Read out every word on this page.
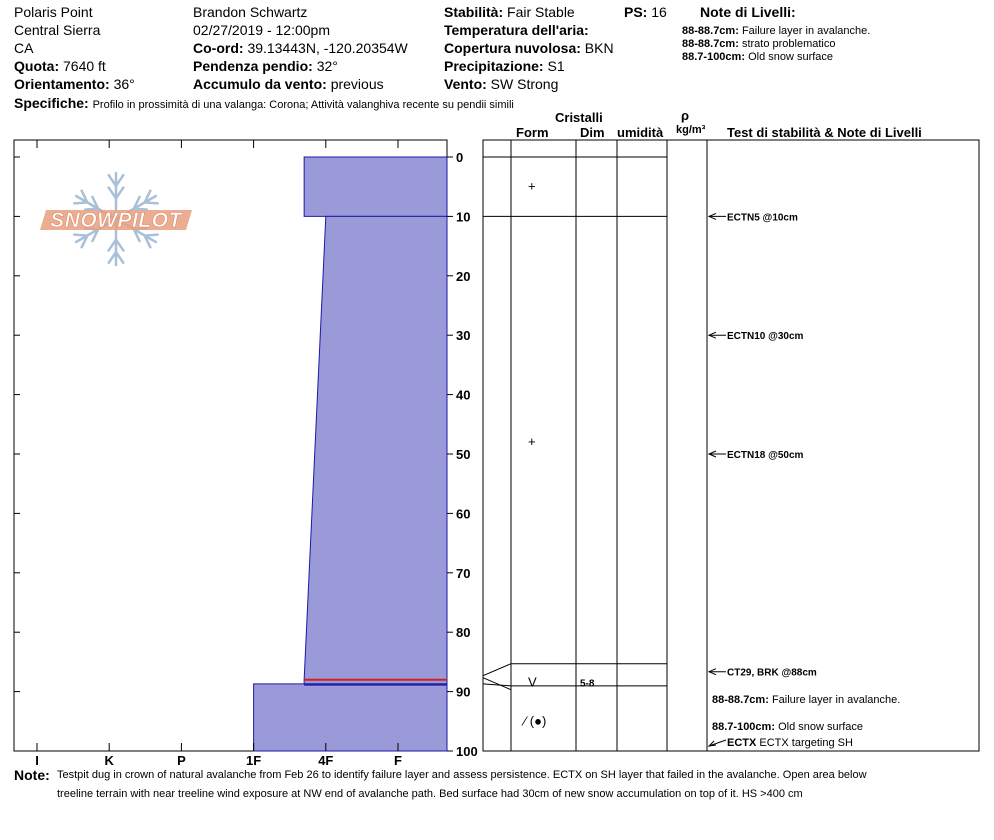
Polaris Point
Central Sierra
CA
Quota: 7640 ft
Orientamento: 36°
Brandon Schwartz
02/27/2019 - 12:00pm
Co-ord: 39.13443N, -120.20354W
Pendenza pendio: 32°
Accumulo da vento: previous
Stabilità: Fair Stable	PS: 16
Temperatura dell'aria:
Copertura nuvolosa: BKN
Precipitazione: S1
Vento: SW Strong
Note di Livelli:
88-88.7cm: Failure layer in avalanche.
88-88.7cm: strato problematico
88.7-100cm: Old snow surface
Specifiche: Profilo in prossimità di una valanga: Corona; Attività valanghiva recente su pendii simili
Cristalli
Form Dim umidità
ρ
kg/m³ Test di stabilità & Note di Livelli
SNOWPILOT
I	K	P	1F	4F	F
0
10
20
30
40
50
60
70
80
90
100
+
+
V	5-8
⁄ (●)
ECTN5 @10cm
ECTN10 @30cm
ECTN18 @50cm
CT29, BRK @88cm
88-88.7cm: Failure layer in avalanche.
88.7-100cm: Old snow surface
ECTX ECTX targeting SH
Note: Testpit dug in crown of natural avalanche from Feb 26 to identify failure layer and assess persistence. ECTX on SH layer that failed in the avalanche. Open area below
treeline terrain with near treeline wind exposure at NW end of avalanche path. Bed surface had 30cm of new snow accumulation on top of it. HS >400 cm
